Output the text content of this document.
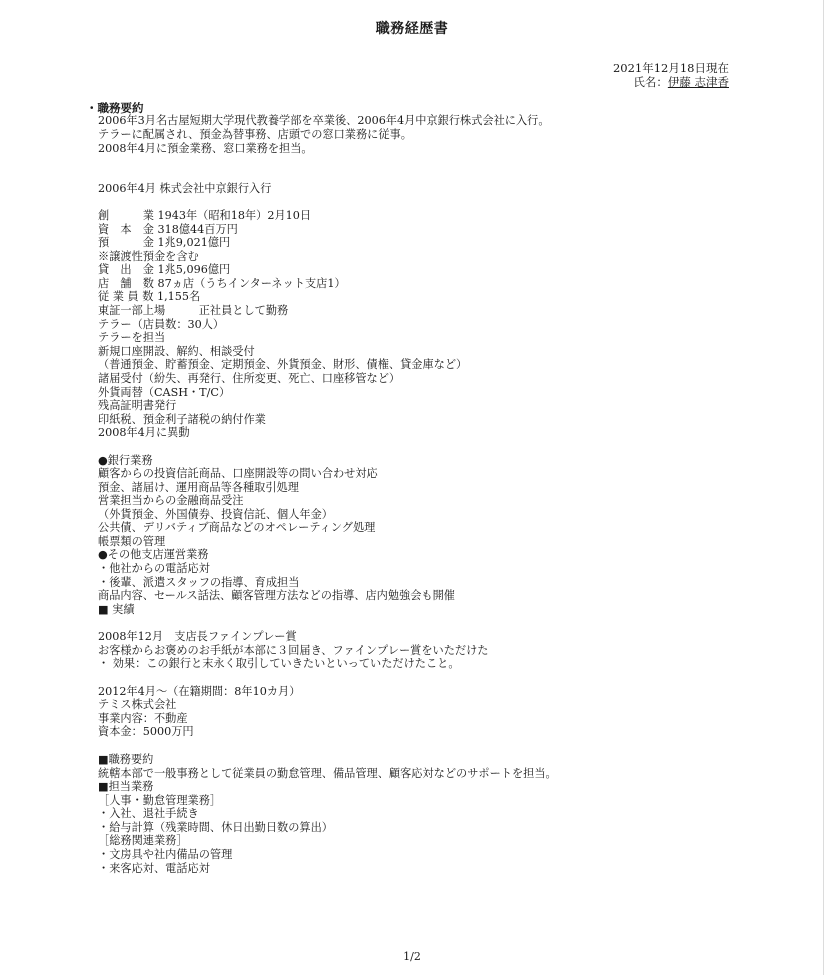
職務経歴書
2021年12月18日現在
氏名：伊藤 志津香
・職務要約
2006年3月名古屋短期大学現代教養学部を卒業後、2006年4月中京銀行株式会社に入行。
テラーに配属され、預金為替事務、店頭での窓口業務に従事。
2008年4月に預金業務、窓口業務を担当。
2006年4月 株式会社中京銀行入行
創　　　業 1943年（昭和18年）2月10日
資　本　金 318億44百万円
預　　　金 1兆9,021億円
※譲渡性預金を含む
貸　出　金 1兆5,096億円
店　舗　数 87ヵ店（うちインターネット支店1）
従 業 員 数 1,155名
東証一部上場　　　正社員として勤務
テラー（店員数：30人）
テラーを担当
新規口座開設、解約、相談受付
（普通預金、貯蓄預金、定期預金、外貨預金、財形、債権、貸金庫など）
諸届受付（紛失、再発行、住所変更、死亡、口座移管など）
外貨両替（CASH・T/C）
残高証明書発行
印紙税、預金利子諸税の納付作業
2008年4月に異動
●銀行業務
顧客からの投資信託商品、口座開設等の問い合わせ対応
預金、諸届け、運用商品等各種取引処理
営業担当からの金融商品受注
（外貨預金、外国債券、投資信託、個人年金）
公共債、デリバティブ商品などのオペレーティング処理
帳票類の管理
●その他支店運営業務
・他社からの電話応対
・後輩、派遣スタッフの指導、育成担当
商品内容、セールス話法、顧客管理方法などの指導、店内勉強会も開催
■ 実績
2008年12月　支店長ファインプレー賞
お客様からお褒めのお手紙が本部に３回届き、ファインプレー賞をいただけた
・ 効果：この銀行と末永く取引していきたいといっていただけたこと。
2012年4月～（在籍期間：8年10カ月）
テミス株式会社
事業内容：不動産
資本金：5000万円
■職務要約
統轄本部で一般事務として従業員の勤怠管理、備品管理、顧客応対などのサポートを担当。
■担当業務
［人事・勤怠管理業務］
・入社、退社手続き
・給与計算（残業時間、休日出勤日数の算出）
［総務関連業務］
・文房具や社内備品の管理
・来客応対、電話応対
1/2
